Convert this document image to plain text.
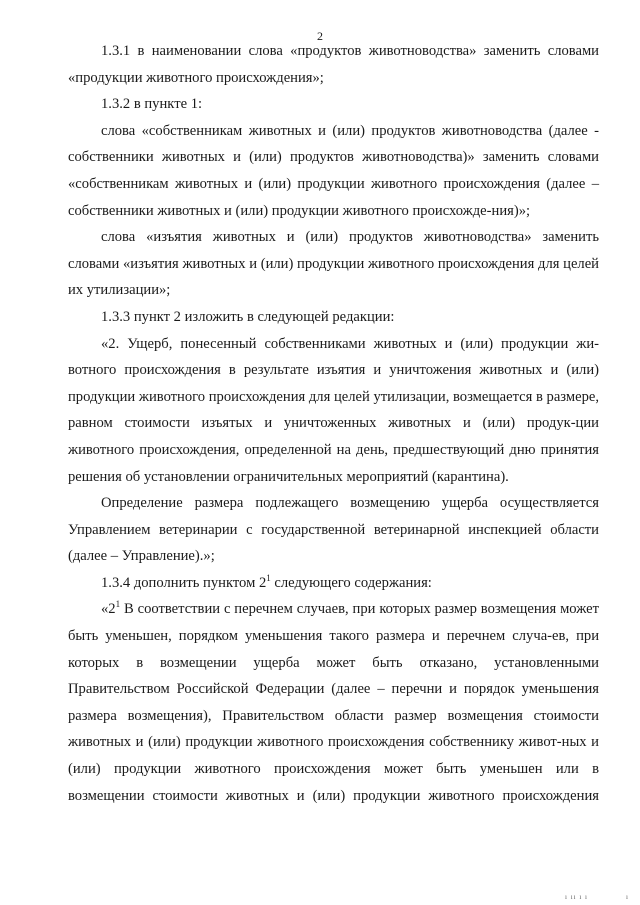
2

1.3.1 в наименовании слова «продуктов животноводства» заменить словами «продукции животного происхождения»;

1.3.2 в пункте 1:

слова «собственникам животных и (или) продуктов животноводства (далее - собственники животных и (или) продуктов животноводства)» заменить словами «собственникам животных и (или) продукции животного происхождения (далее – собственники животных и (или) продукции животного происхожде-ния)»;

слова «изъятия животных и (или) продуктов животноводства» заменить словами «изъятия животных и (или) продукции животного происхождения для целей их утилизации»;

1.3.3 пункт 2 изложить в следующей редакции:

«2. Ущерб, понесенный собственниками животных и (или) продукции жи-вотного происхождения в результате изъятия и уничтожения животных и (или) продукции животного происхождения для целей утилизации, возмещается в размере, равном стоимости изъятых и уничтоженных животных и (или) продук-ции животного происхождения, определенной на день, предшествующий дню принятия решения об установлении ограничительных мероприятий (карантина).

Определение размера подлежащего возмещению ущерба осуществляется Управлением ветеринарии с государственной ветеринарной инспекцией области (далее – Управление).»;

1.3.4 дополнить пунктом $2^1$ следующего содержания:

«$2^1$ В соответствии с перечнем случаев, при которых размер возмещения может быть уменьшен, порядком уменьшения такого размера и перечнем случа-ев, при которых в возмещении ущерба может быть отказано, установленными Правительством Российской Федерации (далее – перечни и порядок уменьшения размера возмещения), Правительством области размер возмещения стоимости животных и (или) продукции животного происхождения собственнику живот-ных и (или) продукции животного происхождения может быть уменьшен или в возмещении стоимости животных и (или) продукции животного происхождения

ı ıı ı ı	ı
